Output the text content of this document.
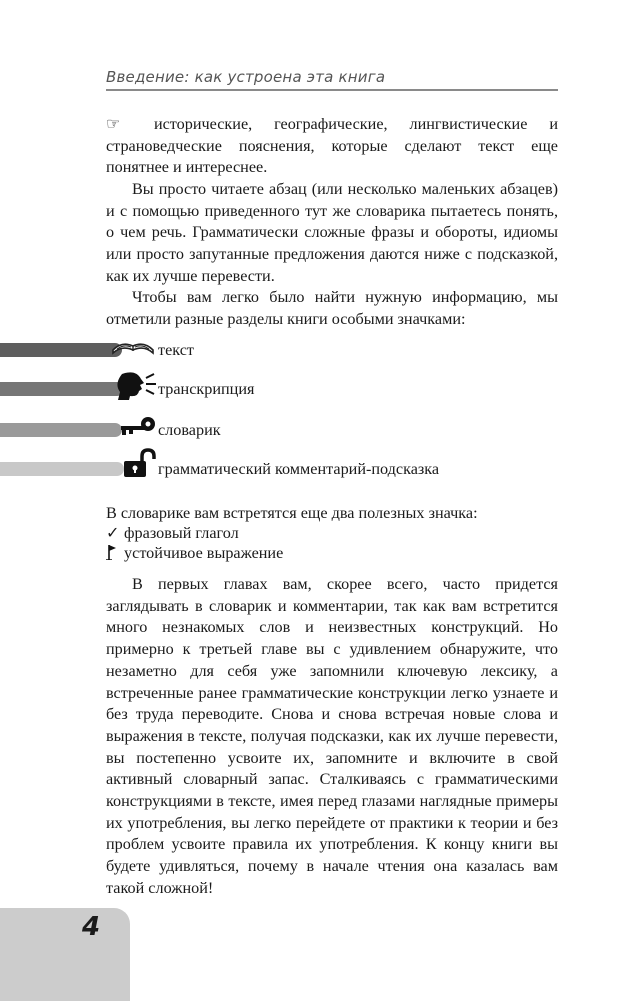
Введение: как устроена эта книга

☞ исторические, географические, лингвистические и страноведческие пояснения, которые сделают текст еще понятнее и интереснее.

Вы просто читаете абзац (или несколько маленьких абзацев) и с помощью приведенного тут же словарика пытаетесь понять, о чем речь. Грамматически сложные фразы и обороты, идиомы или просто запутанные предложения даются ниже с подсказкой, как их лучше перевести.

Чтобы вам легко было найти нужную информацию, мы отметили разные разделы книги особыми значками:

текст
транскрипция
словарик
грамматический комментарий-подсказка
В словарике вам встретятся еще два полезных значка:
✓ фразовый глагол
устойчивое выражение

В первых главах вам, скорее всего, часто придется заглядывать в словарик и комментарии, так как вам встретится много незнакомых слов и неизвестных конструкций. Но примерно к третьей главе вы с удивлением обнаружите, что незаметно для себя уже запомнили ключевую лексику, а встреченные ранее грамматические конструкции легко узнаете и без труда переводите. Снова и снова встречая новые слова и выражения в тексте, получая подсказки, как их лучше перевести, вы постепенно усвоите их, запомните и включите в свой активный словарный запас. Сталкиваясь с грамматическими конструкциями в тексте, имея перед глазами наглядные примеры их употребления, вы легко перейдете от практики к теории и без проблем усвоите правила их употребления. К концу книги вы будете удивляться, почему в начале чтения она казалась вам такой сложной!

4
